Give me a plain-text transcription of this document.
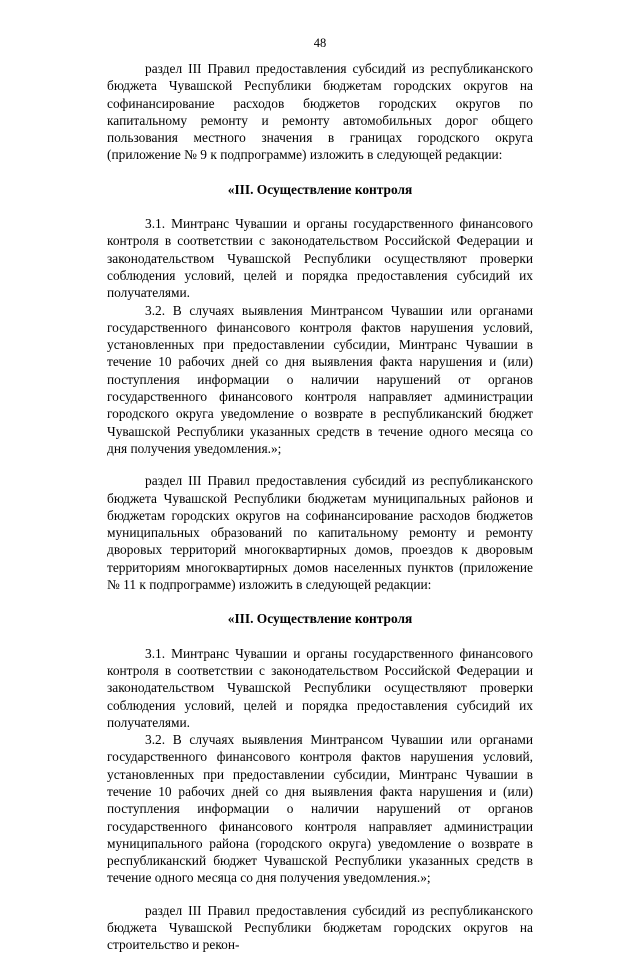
48

раздел III Правил предоставления субсидий из республиканского бюджета Чувашской Республики бюджетам городских округов на софинансирование расходов бюджетов городских округов по капитальному ремонту и ремонту автомобильных дорог общего пользования местного значения в границах городского округа (приложение № 9 к подпрограмме) изложить в следующей редакции:

«III. Осуществление контроля

3.1. Минтранс Чувашии и органы государственного финансового контроля в соответствии с законодательством Российской Федерации и законодательством Чувашской Республики осуществляют проверки соблюдения условий, целей и порядка предоставления субсидий их получателями.

3.2. В случаях выявления Минтрансом Чувашии или органами государственного финансового контроля фактов нарушения условий, установленных при предоставлении субсидии, Минтранс Чувашии в течение 10 рабочих дней со дня выявления факта нарушения и (или) поступления информации о наличии нарушений от органов государственного финансового контроля направляет администрации городского округа уведомление о возврате в республиканский бюджет Чувашской Республики указанных средств в течение одного месяца со дня получения уведомления.»;

раздел III Правил предоставления субсидий из республиканского бюджета Чувашской Республики бюджетам муниципальных районов и бюджетам городских округов на софинансирование расходов бюджетов муниципальных образований по капитальному ремонту и ремонту дворовых территорий многоквартирных домов, проездов к дворовым территориям многоквартирных домов населенных пунктов (приложение № 11 к подпрограмме) изложить в следующей редакции:

«III. Осуществление контроля

3.1. Минтранс Чувашии и органы государственного финансового контроля в соответствии с законодательством Российской Федерации и законодательством Чувашской Республики осуществляют проверки соблюдения условий, целей и порядка предоставления субсидий их получателями.

3.2. В случаях выявления Минтрансом Чувашии или органами государственного финансового контроля фактов нарушения условий, установленных при предоставлении субсидии, Минтранс Чувашии в течение 10 рабочих дней со дня выявления факта нарушения и (или) поступления информации о наличии нарушений от органов государственного финансового контроля направляет администрации муниципального района (городского округа) уведомление о возврате в республиканский бюджет Чувашской Республики указанных средств в течение одного месяца со дня получения уведомления.»;

раздел III Правил предоставления субсидий из республиканского бюджета Чувашской Республики бюджетам городских округов на строительство и рекон-
